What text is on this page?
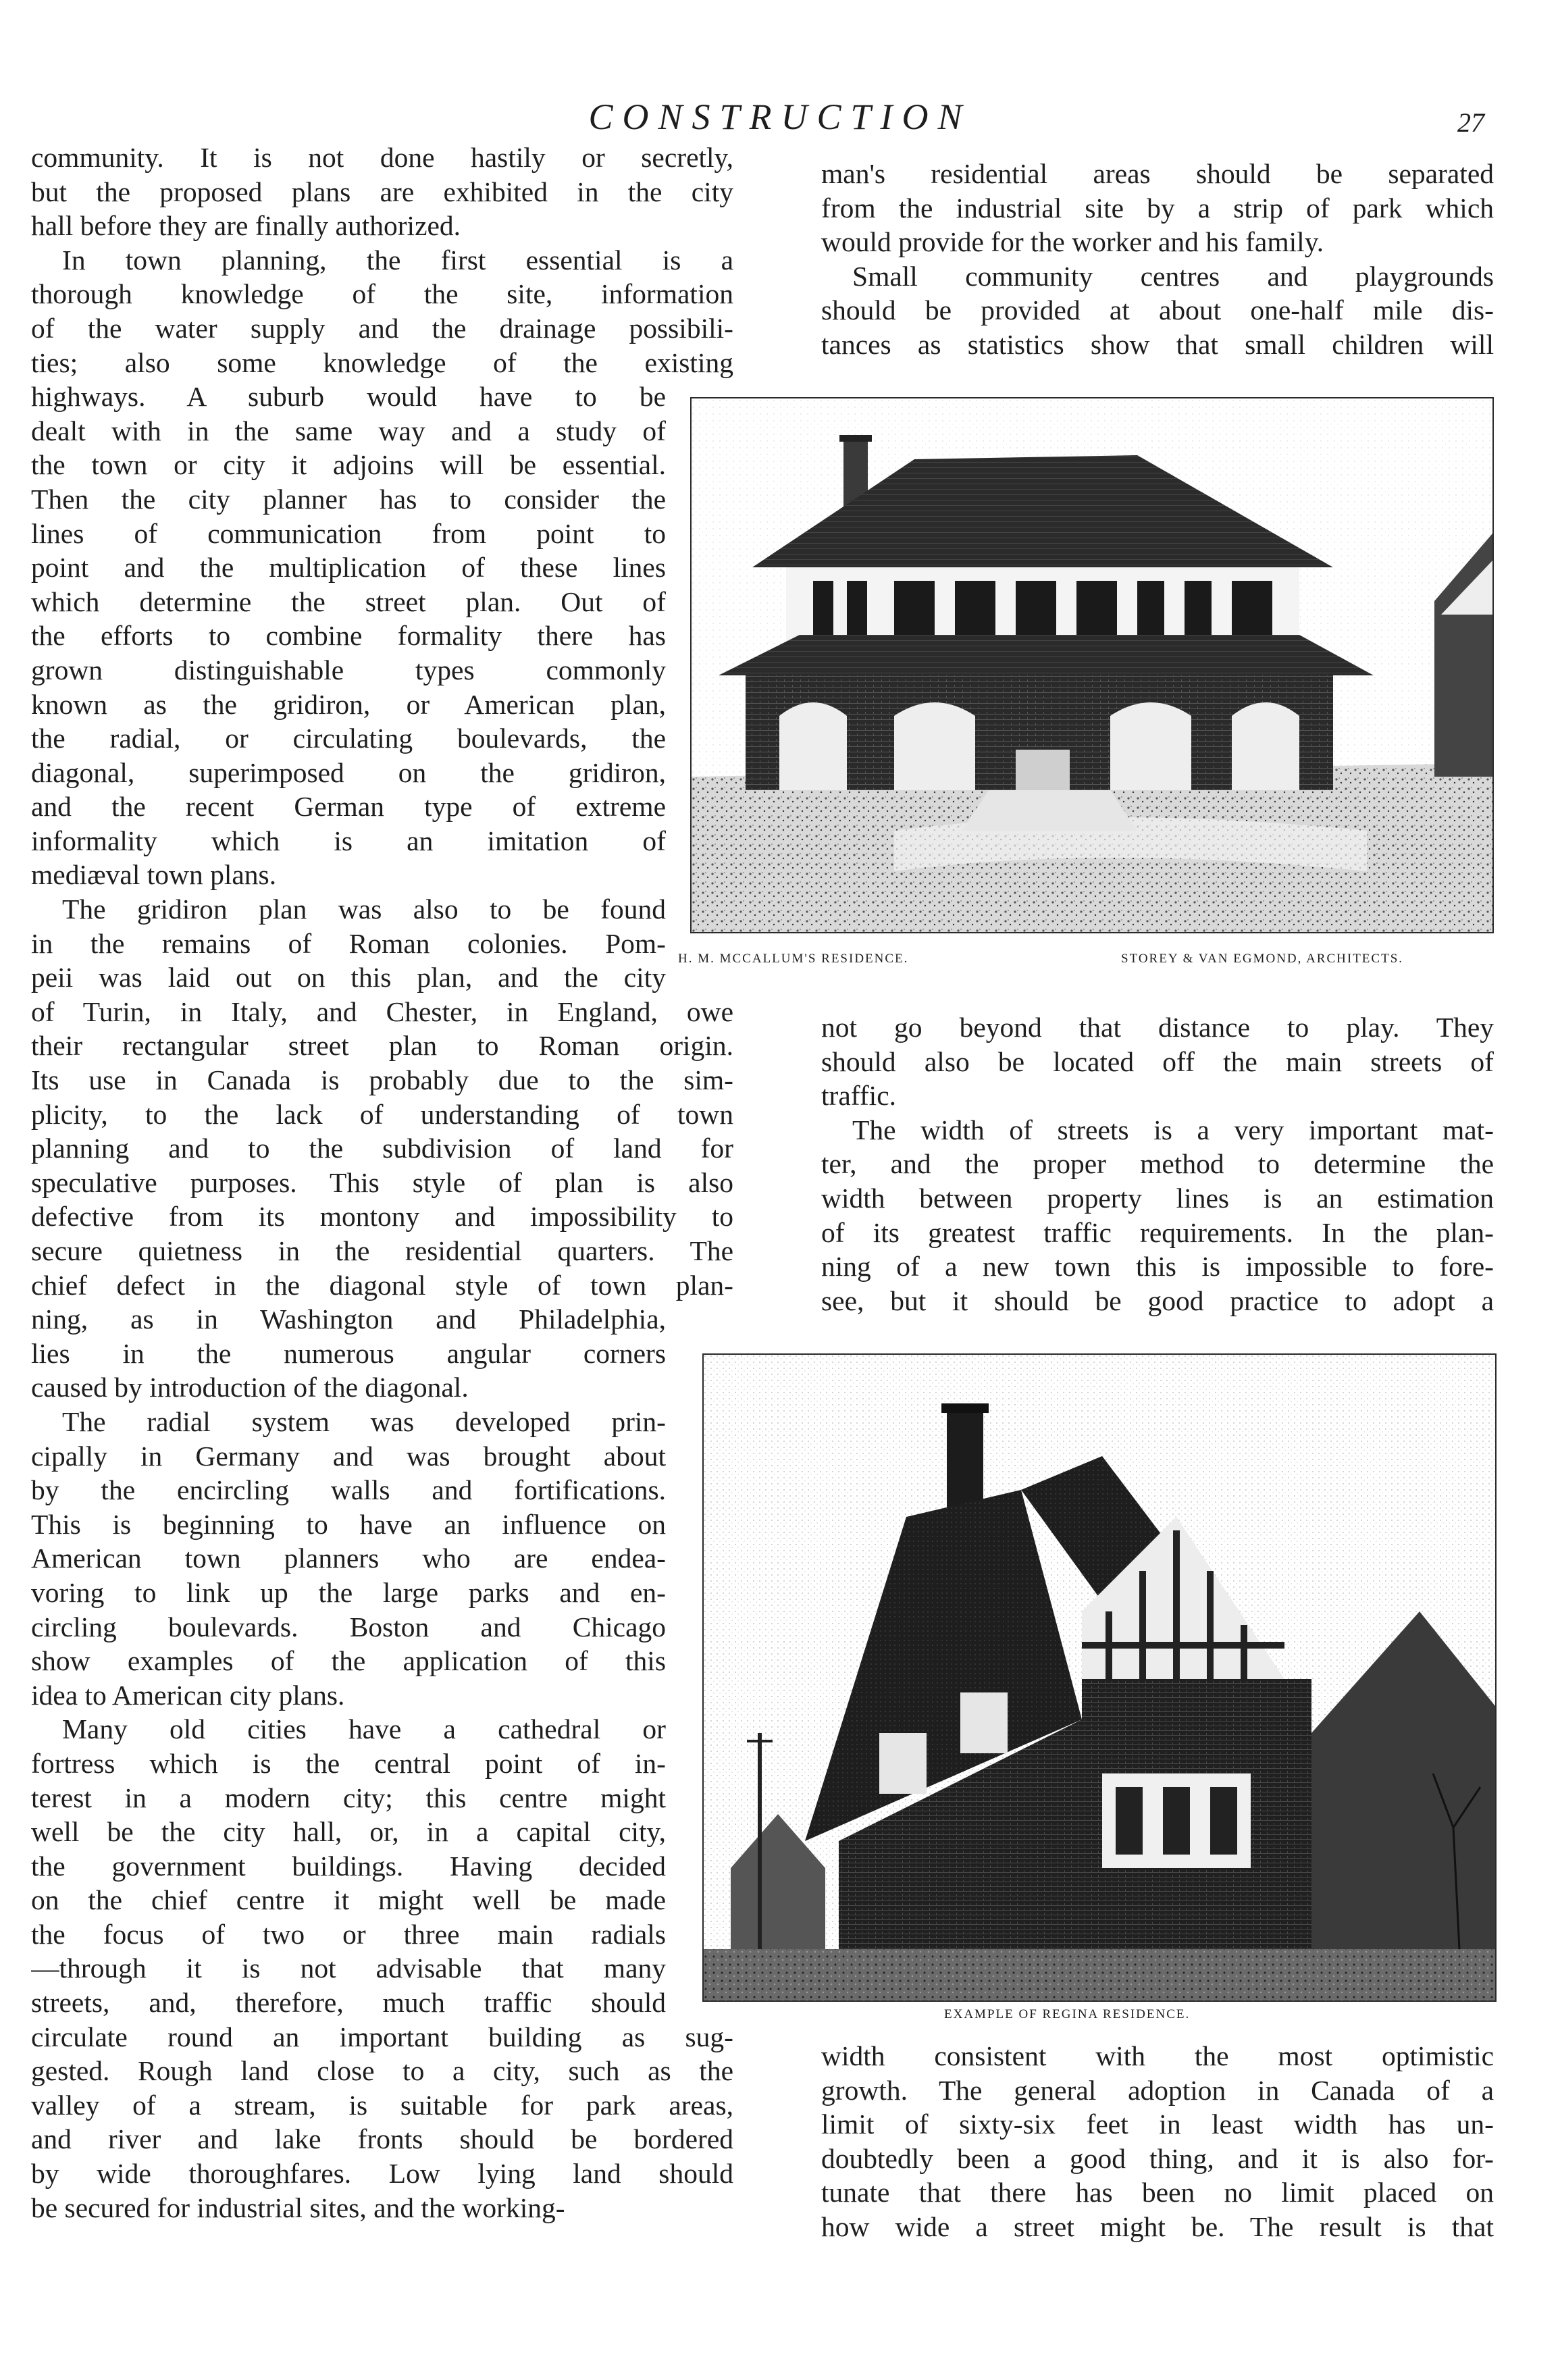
CONSTRUCTION	27
community. It is not done hastily or secretly,
but the proposed plans are exhibited in the city
hall before they are finally authorized.
In town planning, the first essential is a
thorough knowledge of the site, information
of the water supply and the drainage possibili-
ties; also some knowledge of the existing
highways. A suburb would have to be
dealt with in the same way and a study of
the town or city it adjoins will be essential.
Then the city planner has to consider the
lines of communication from point to
point and the multiplication of these lines
which determine the street plan. Out of
the efforts to combine formality there has
grown distinguishable types commonly
known as the gridiron, or American plan,
the radial, or circulating boulevards, the
diagonal, superimposed on the gridiron,
and the recent German type of extreme
informality which is an imitation of
mediæval town plans.
The gridiron plan was also to be found
in the remains of Roman colonies. Pom-
peii was laid out on this plan, and the city
of Turin, in Italy, and Chester, in England, owe
their rectangular street plan to Roman origin.
Its use in Canada is probably due to the sim-
plicity, to the lack of understanding of town
planning and to the subdivision of land for
speculative purposes. This style of plan is also
defective from its montony and impossibility to
secure quietness in the residential quarters. The
chief defect in the diagonal style of town plan-
ning, as in Washington and Philadelphia,
lies in the numerous angular corners
caused by introduction of the diagonal.
The radial system was developed prin-
cipally in Germany and was brought about
by the encircling walls and fortifications.
This is beginning to have an influence on
American town planners who are endea-
voring to link up the large parks and en-
circling boulevards. Boston and Chicago
show examples of the application of this
idea to American city plans.
Many old cities have a cathedral or
fortress which is the central point of in-
terest in a modern city; this centre might
well be the city hall, or, in a capital city,
the government buildings. Having decided
on the chief centre it might well be made
the focus of two or three main radials
—through it is not advisable that many
streets, and, therefore, much traffic should
circulate round an important building as sug-
gested. Rough land close to a city, such as the
valley of a stream, is suitable for park areas,
and river and lake fronts should be bordered
by wide thoroughfares. Low lying land should
be secured for industrial sites, and the working-
man's residential areas should be separated
from the industrial site by a strip of park which
would provide for the worker and his family.
Small community centres and playgrounds
should be provided at about one-half mile dis-
tances as statistics show that small children will
not go beyond that distance to play. They
should also be located off the main streets of
traffic.
The width of streets is a very important mat-
ter, and the proper method to determine the
width between property lines is an estimation
of its greatest traffic requirements. In the plan-
ning of a new town this is impossible to fore-
see, but it should be good practice to adopt a
width consistent with the most optimistic
growth. The general adoption in Canada of a
limit of sixty-six feet in least width has un-
doubtedly been a good thing, and it is also for-
tunate that there has been no limit placed on
how wide a street might be. The result is that
H. M. MCCALLUM'S RESIDENCE.	STOREY & VAN EGMOND, ARCHITECTS.
EXAMPLE OF REGINA RESIDENCE.
